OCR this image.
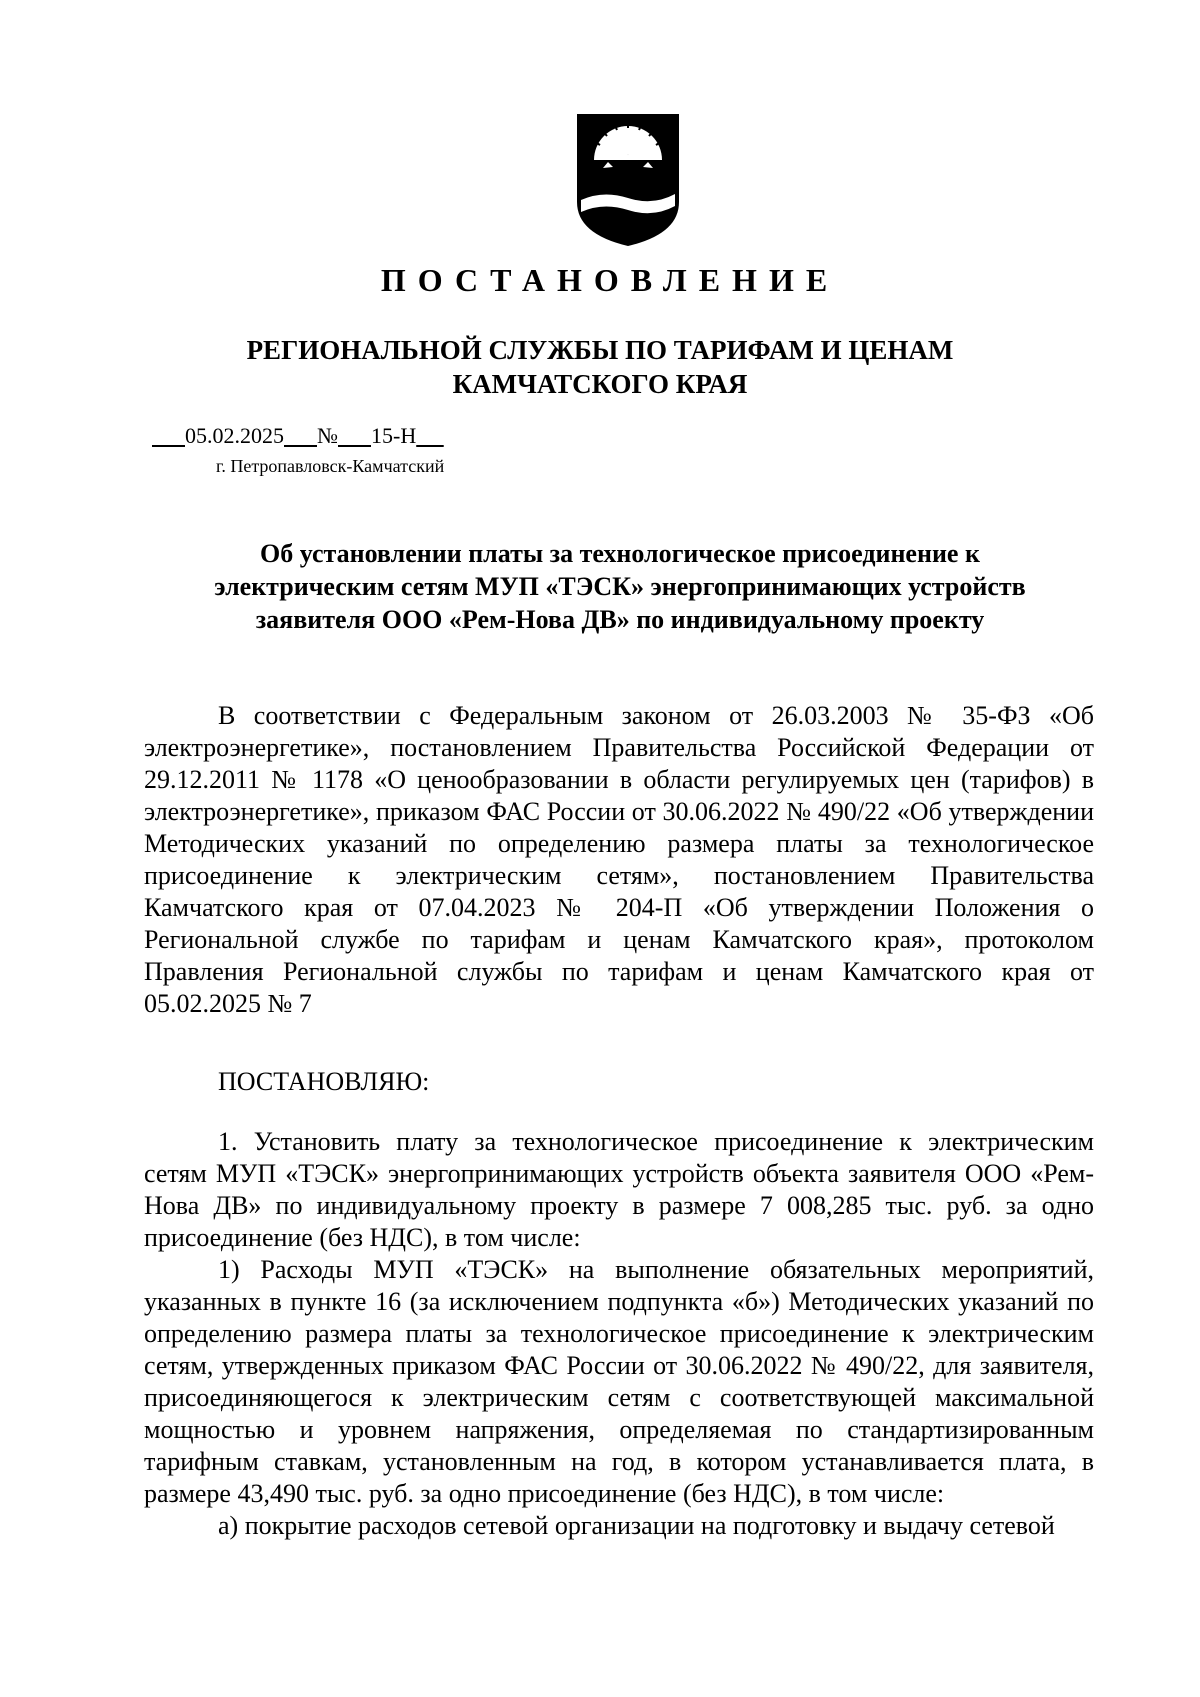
ПОСТАНОВЛЕНИЕ
РЕГИОНАЛЬНОЙ СЛУЖБЫ ПО ТАРИФАМ И ЦЕНАМ
КАМЧАТСКОГО КРАЯ
05.02.2025 № 15-Н
г. Петропавловск-Камчатский
Об установлении платы за технологическое присоединение к
электрическим сетям МУП «ТЭСК» энергопринимающих устройств
заявителя ООО «Рем-Нова ДВ» по индивидуальному проекту

В соответствии с Федеральным законом от 26.03.2003 № 35-ФЗ «Об электроэнергетике», постановлением Правительства Российской Федерации от 29.12.2011 № 1178 «О ценообразовании в области регулируемых цен (тарифов) в электроэнергетике», приказом ФАС России от 30.06.2022 № 490/22 «Об утверждении Методических указаний по определению размера платы за технологическое присоединение к электрическим сетям», постановлением Правительства Камчатского края от 07.04.2023 № 204-П «Об утверждении Положения о Региональной службе по тарифам и ценам Камчатского края», протоколом Правления Региональной службы по тарифам и ценам Камчатского края от 05.02.2025 № 7

ПОСТАНОВЛЯЮ:

1. Установить плату за технологическое присоединение к электрическим сетям МУП «ТЭСК» энергопринимающих устройств объекта заявителя ООО «Рем-Нова ДВ» по индивидуальному проекту в размере 7 008,285 тыс. руб. за одно присоединение (без НДС), в том числе:

1) Расходы МУП «ТЭСК» на выполнение обязательных мероприятий, указанных в пункте 16 (за исключением подпункта «б») Методических указаний по определению размера платы за технологическое присоединение к электрическим сетям, утвержденных приказом ФАС России от 30.06.2022 № 490/22, для заявителя, присоединяющегося к электрическим сетям с соответствующей максимальной мощностью и уровнем напряжения, определяемая по стандартизированным тарифным ставкам, установленным на год, в котором устанавливается плата, в размере 43,490 тыс. руб. за одно присоединение (без НДС), в том числе:

а) покрытие расходов сетевой организации на подготовку и выдачу сетевой
